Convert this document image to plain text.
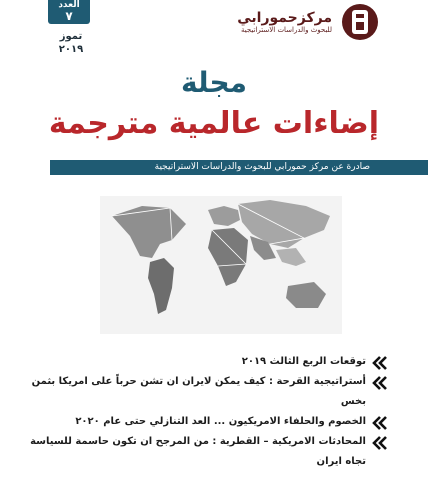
العدد
٧
تموز
٢٠١٩
مركزحمورابي
للبحوث والدراسات الاستراتيجية
مجلة
إضاءات عالمية مترجمة
صادرة عن مركز حمورابي للبحوث والدراسات الاستراتيجية
توقعات الربع الثالث ٢٠١٩
أستراتيجية القرحة : كيف يمكن لايران ان تشن حرباً على امريكا بثمن بخس
الخصوم والحلفاء الامريكيون ... العد التنازلي حتى عام ٢٠٢٠
المحادثات الامريكية – القطرية : من المرجح ان تكون حاسمة للسياسة تجاه ايران
